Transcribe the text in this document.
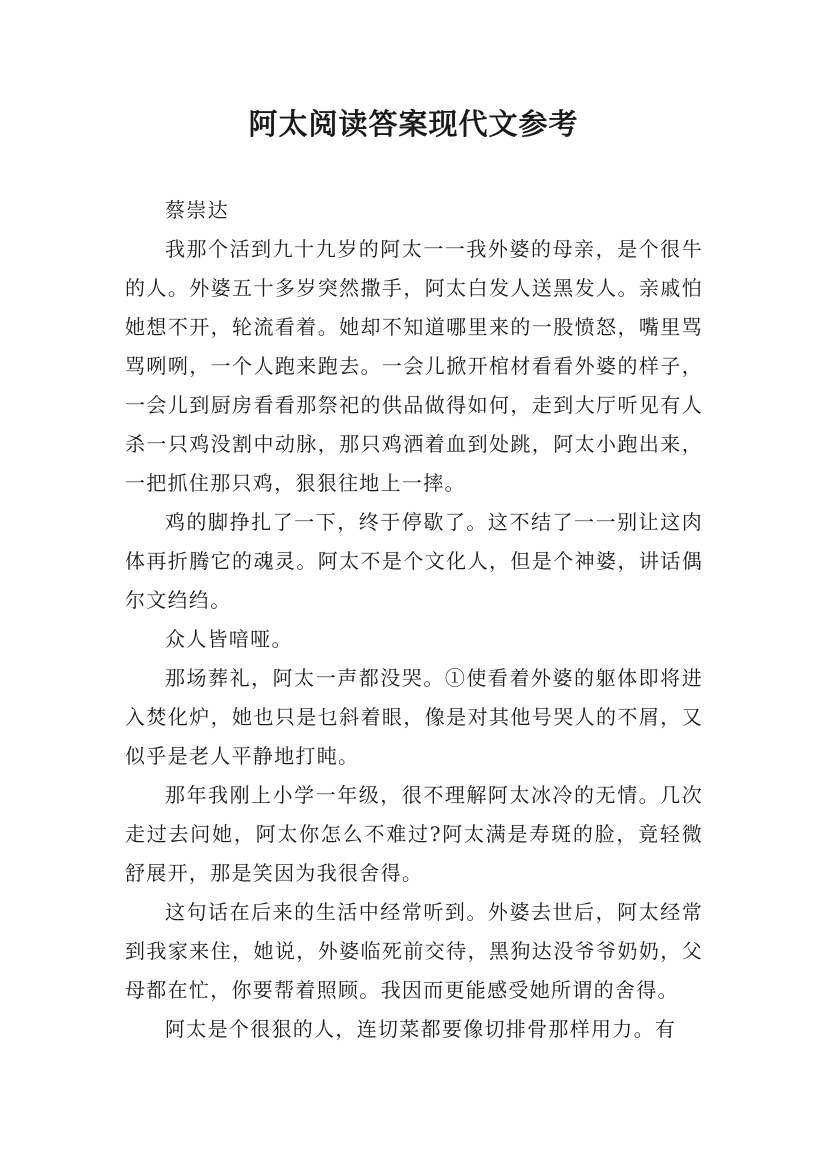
阿太阅读答案现代文参考

蔡崇达

我那个活到九十九岁的阿太一一我外婆的母亲，是个很牛的人。外婆五十多岁突然撒手，阿太白发人送黑发人。亲戚怕她想不开，轮流看着。她却不知道哪里来的一股愤怒，嘴里骂骂咧咧，一个人跑来跑去。一会儿掀开棺材看看外婆的样子，一会儿到厨房看看那祭祀的供品做得如何，走到大厅听见有人杀一只鸡没割中动脉，那只鸡洒着血到处跳，阿太小跑出来，一把抓住那只鸡，狠狠往地上一摔。

鸡的脚挣扎了一下，终于停歇了。这不结了一一别让这肉体再折腾它的魂灵。阿太不是个文化人，但是个神婆，讲话偶尔文绉绉。

众人皆喑哑。

那场葬礼，阿太一声都没哭。①使看着外婆的躯体即将进入焚化炉，她也只是乜斜着眼，像是对其他号哭人的不屑，又似乎是老人平静地打盹。

那年我刚上小学一年级，很不理解阿太冰冷的无情。几次走过去问她，阿太你怎么不难过?阿太满是寿斑的脸，竟轻微舒展开，那是笑因为我很舍得。

这句话在后来的生活中经常听到。外婆去世后，阿太经常到我家来住，她说，外婆临死前交待，黑狗达没爷爷奶奶，父母都在忙，你要帮着照顾。我因而更能感受她所谓的舍得。

阿太是个很狠的人，连切菜都要像切排骨那样用力。有
